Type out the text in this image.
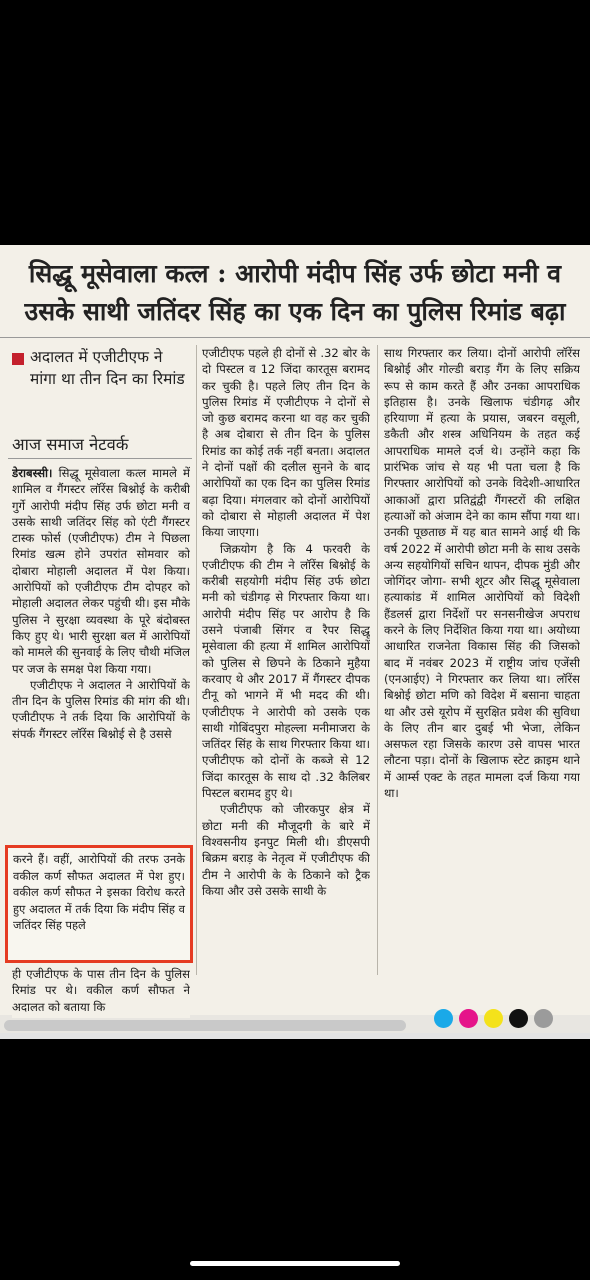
सिद्धू मूसेवाला कत्ल : आरोपी मंदीप सिंह उर्फ छोटा मनी व
उसके साथी जतिंदर सिंह का एक दिन का पुलिस रिमांड बढ़ा
अदालत में एजीटीएफ ने मांगा था तीन दिन का रिमांड
आज समाज नेटवर्क

डेराबस्सी। सिद्धू मूसेवाला कत्ल मामले में शामिल व गैंगस्टर लॉरेंस बिश्नोई के करीबी गुर्गे आरोपी मंदीप सिंह उर्फ छोटा मनी व उसके साथी जतिंदर सिंह को एंटी गैंगस्टर टास्क फोर्स (एजीटीएफ) टीम ने पिछला रिमांड खत्म होने उपरांत सोमवार को दोबारा मोहाली अदालत में पेश किया। आरोपियों को एजीटीएफ टीम दोपहर को मोहाली अदालत लेकर पहुंची थी। इस मौके पुलिस ने सुरक्षा व्यवस्था के पूरे बंदोबस्त किए हुए थे। भारी सुरक्षा बल में आरोपियों को मामले की सुनवाई के लिए चौथी मंजिल पर जज के समक्ष पेश किया गया।

एजीटीएफ ने अदालत ने आरोपियों के तीन दिन के पुलिस रिमांड की मांग की थी। एजीटीएफ ने तर्क दिया कि आरोपियों के संपर्क गैंगस्टर लॉरेंस बिश्नोई से है उससे

एजीटीएफ पहले ही दोनों से .32 बोर के दो पिस्टल व 12 जिंदा कारतूस बरामद कर चुकी है। पहले लिए तीन दिन के पुलिस रिमांड में एजीटीएफ ने दोनों से जो कुछ बरामद करना था वह कर चुकी है अब दोबारा से तीन दिन के पुलिस रिमांड का कोई तर्क नहीं बनता। अदालत ने दोनों पक्षों की दलील सुनने के बाद आरोपियों का एक दिन का पुलिस रिमांड बढ़ा दिया। मंगलवार को दोनों आरोपियों को दोबारा से मोहाली अदालत में पेश किया जाएगा।

जिक्रयोग है कि 4 फरवरी के एजीटीएफ की टीम ने लॉरेंस बिश्नोई के करीबी सहयोगी मंदीप सिंह उर्फ छोटा मनी को चंडीगढ़ से गिरफ्तार किया था। आरोपी मंदीप सिंह पर आरोप है कि उसने पंजाबी सिंगर व रैपर सिद्धू मूसेवाला की हत्या में शामिल आरोपियों को पुलिस से छिपने के ठिकाने मुहैया करवाए थे और 2017 में गैंगस्टर दीपक टीनू को भागने में भी मदद की थी। एजीटीएफ ने आरोपी को उसके एक साथी गोबिंदपुरा मोहल्ला मनीमाजरा के जतिंदर सिंह के साथ गिरफ्तार किया था। एजीटीएफ को दोनों के कब्जे से 12 जिंदा कारतूस के साथ दो .32 कैलिबर पिस्टल बरामद हुए थे।

एजीटीएफ को जीरकपुर क्षेत्र में छोटा मनी की मौजूदगी के बारे में विश्वसनीय इनपुट मिली थी। डीएसपी बिक्रम बराड़ के नेतृत्व में एजीटीएफ की टीम ने आरोपी के के ठिकाने को ट्रैक किया और उसे उसके साथी के

साथ गिरफ्तार कर लिया। दोनों आरोपी लॉरेंस बिश्नोई और गोल्डी बराड़ गैंग के लिए सक्रिय रूप से काम करते हैं और उनका आपराधिक इतिहास है। उनके खिलाफ चंडीगढ़ और हरियाणा में हत्या के प्रयास, जबरन वसूली, डकैती और शस्त्र अधिनियम के तहत कई आपराधिक मामले दर्ज थे। उन्होंने कहा कि प्रारंभिक जांच से यह भी पता चला है कि गिरफ्तार आरोपियों को उनके विदेशी-आधारित आकाओं द्वारा प्रतिद्वंद्वी गैंगस्टरों की लक्षित हत्याओं को अंजाम देने का काम सौंपा गया था। उनकी पूछताछ में यह बात सामने आई थी कि वर्ष 2022 में आरोपी छोटा मनी के साथ उसके अन्य सहयोगियों सचिन थापन, दीपक मुंडी और जोगिंदर जोगा- सभी शूटर और सिद्धू मूसेवाला हत्याकांड में शामिल आरोपियों को विदेशी हैंडलर्स द्वारा निर्देशों पर सनसनीखेज अपराध करने के लिए निर्देशित किया गया था। अयोध्या आधारित राजनेता विकास सिंह की जिसको बाद में नवंबर 2023 में राष्ट्रीय जांच एजेंसी (एनआईए) ने गिरफ्तार कर लिया था। लॉरेंस बिश्नोई छोटा मणि को विदेश में बसाना चाहता था और उसे यूरोप में सुरक्षित प्रवेश की सुविधा के लिए तीन बार दुबई भी भेजा, लेकिन असफल रहा जिसके कारण उसे वापस भारत लौटना पड़ा। दोनों के खिलाफ स्टेट क्राइम थाने में आर्म्स एक्ट के तहत मामला दर्ज किया गया था।

ही एजीटीएफ के पास तीन दिन के पुलिस रिमांड पर थे। वकील कर्ण सौफत ने अदालत को बताया कि
करने हैं। वहीं, आरोपियों की तरफ उनके वकील कर्ण सौफत अदालत में पेश हुए। वकील कर्ण सौफत ने इसका विरोध करते हुए अदालत में तर्क दिया कि मंदीप सिंह व जतिंदर सिंह पहले
